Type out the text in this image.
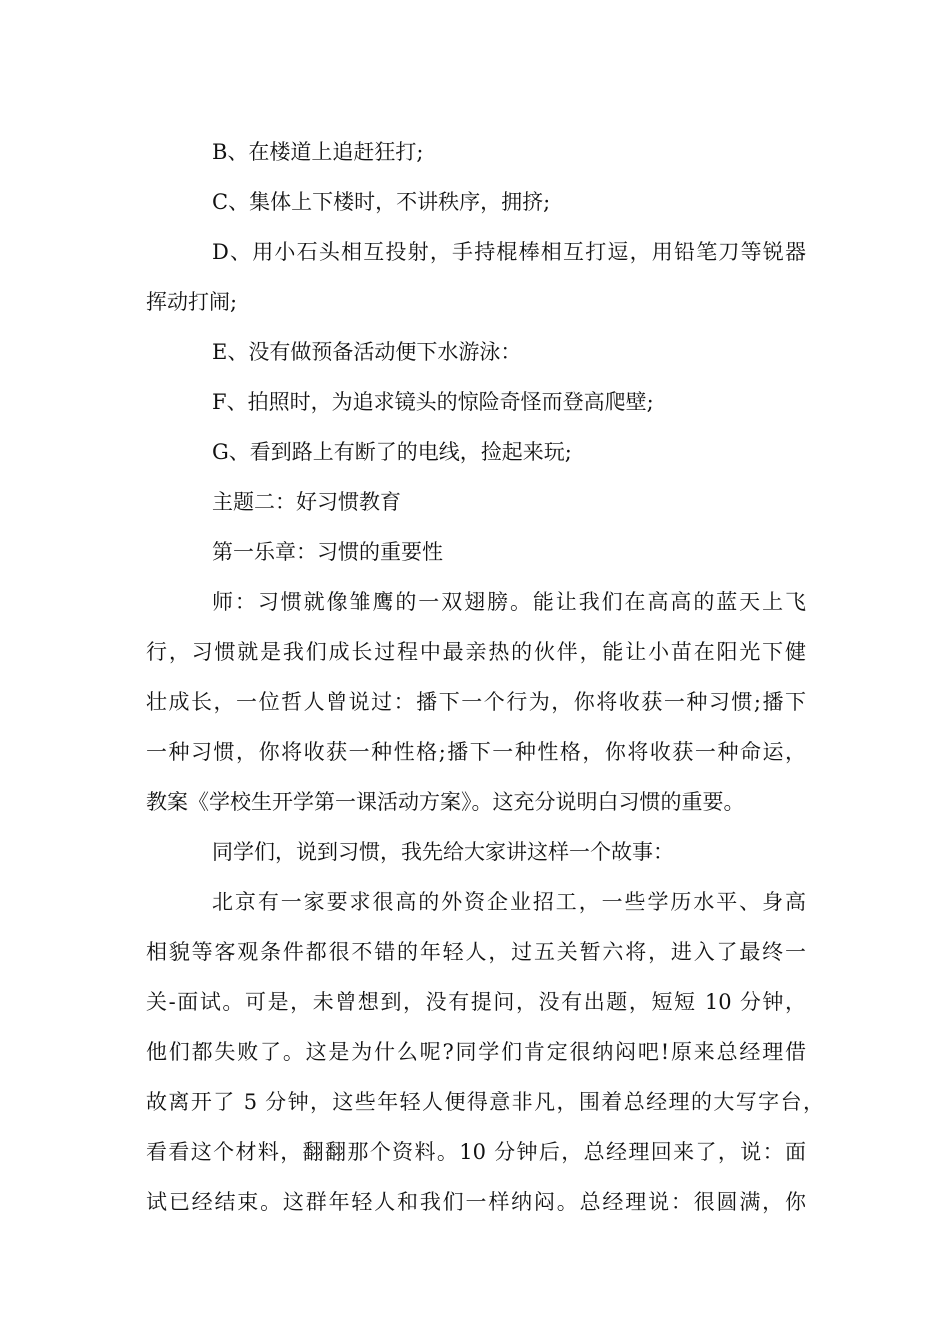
B、在楼道上追赶狂打;
C、集体上下楼时，不讲秩序，拥挤;
D、用小石头相互投射，手持棍棒相互打逗，用铅笔刀等锐器
挥动打闹;
E、没有做预备活动便下水游泳：
F、拍照时，为追求镜头的惊险奇怪而登高爬壁;
G、看到路上有断了的电线，捡起来玩;
主题二：好习惯教育
第一乐章：习惯的重要性
师：习惯就像雏鹰的一双翅膀。能让我们在高高的蓝天上飞
行，习惯就是我们成长过程中最亲热的伙伴，能让小苗在阳光下健
壮成长，一位哲人曾说过：播下一个行为，你将收获一种习惯;播下
一种习惯，你将收获一种性格;播下一种性格，你将收获一种命运，
教案《学校生开学第一课活动方案》。这充分说明白习惯的重要。
同学们，说到习惯，我先给大家讲这样一个故事：
北京有一家要求很高的外资企业招工，一些学历水平、身高
相貌等客观条件都很不错的年轻人，过五关暂六将，进入了最终一
关-面试。可是，未曾想到，没有提问，没有出题，短短 10 分钟，
他们都失败了。这是为什么呢?同学们肯定很纳闷吧!原来总经理借
故离开了 5 分钟，这些年轻人便得意非凡，围着总经理的大写字台，
看看这个材料，翻翻那个资料。10 分钟后，总经理回来了，说：面
试已经结束。这群年轻人和我们一样纳闷。总经理说：很圆满，你
